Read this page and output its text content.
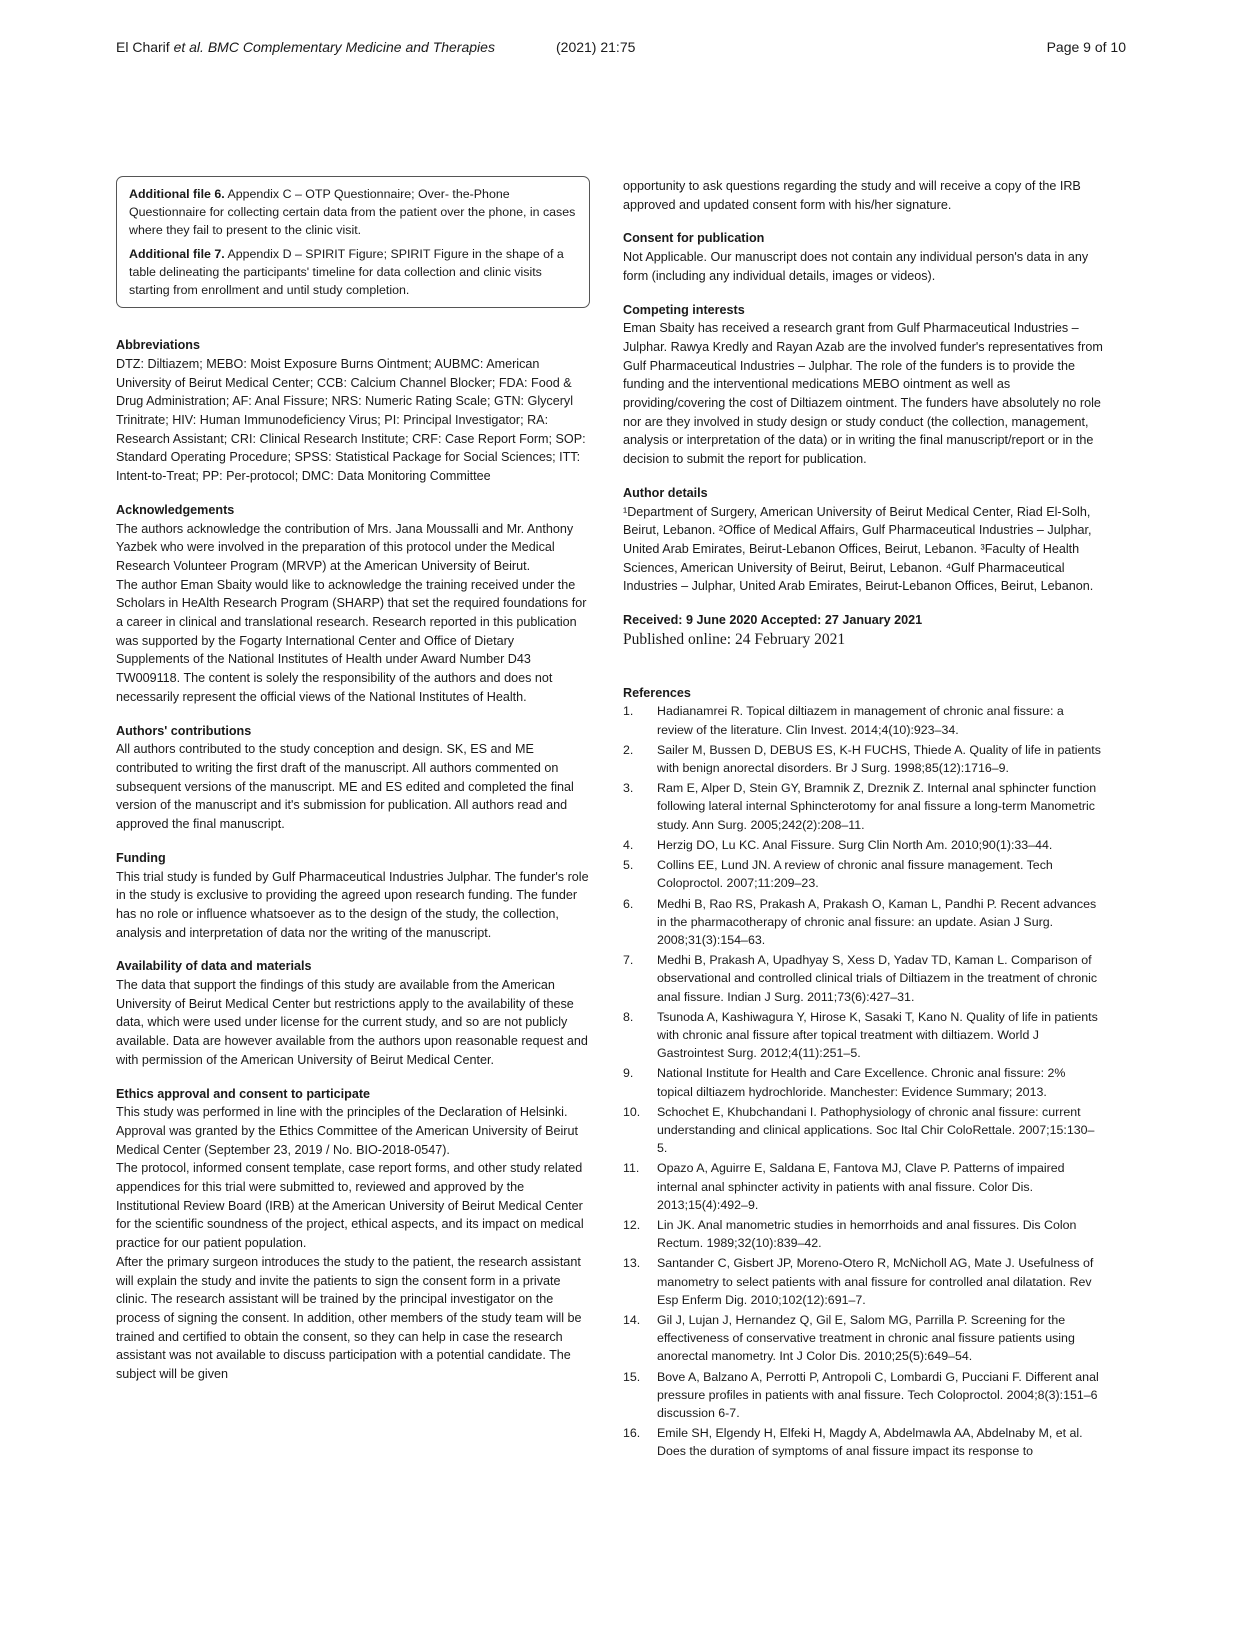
El Charif et al. BMC Complementary Medicine and Therapies	(2021) 21:75	Page 9 of 10

Additional file 6. Appendix C – OTP Questionnaire; Over- the-Phone Questionnaire for collecting certain data from the patient over the phone, in cases where they fail to present to the clinic visit.

Additional file 7. Appendix D – SPIRIT Figure; SPIRIT Figure in the shape of a table delineating the participants' timeline for data collection and clinic visits starting from enrollment and until study completion.

Abbreviations

DTZ: Diltiazem; MEBO: Moist Exposure Burns Ointment; AUBMC: American University of Beirut Medical Center; CCB: Calcium Channel Blocker; FDA: Food & Drug Administration; AF: Anal Fissure; NRS: Numeric Rating Scale; GTN: Glyceryl Trinitrate; HIV: Human Immunodeficiency Virus; PI: Principal Investigator; RA: Research Assistant; CRI: Clinical Research Institute; CRF: Case Report Form; SOP: Standard Operating Procedure; SPSS: Statistical Package for Social Sciences; ITT: Intent-to-Treat; PP: Per-protocol; DMC: Data Monitoring Committee

Acknowledgements

The authors acknowledge the contribution of Mrs. Jana Moussalli and Mr. Anthony Yazbek who were involved in the preparation of this protocol under the Medical Research Volunteer Program (MRVP) at the American University of Beirut.

The author Eman Sbaity would like to acknowledge the training received under the Scholars in HeAlth Research Program (SHARP) that set the required foundations for a career in clinical and translational research. Research reported in this publication was supported by the Fogarty International Center and Office of Dietary Supplements of the National Institutes of Health under Award Number D43 TW009118. The content is solely the responsibility of the authors and does not necessarily represent the official views of the National Institutes of Health.

Authors' contributions

All authors contributed to the study conception and design. SK, ES and ME contributed to writing the first draft of the manuscript. All authors commented on subsequent versions of the manuscript. ME and ES edited and completed the final version of the manuscript and it's submission for publication. All authors read and approved the final manuscript.

Funding

This trial study is funded by Gulf Pharmaceutical Industries Julphar. The funder's role in the study is exclusive to providing the agreed upon research funding. The funder has no role or influence whatsoever as to the design of the study, the collection, analysis and interpretation of data nor the writing of the manuscript.

Availability of data and materials

The data that support the findings of this study are available from the American University of Beirut Medical Center but restrictions apply to the availability of these data, which were used under license for the current study, and so are not publicly available. Data are however available from the authors upon reasonable request and with permission of the American University of Beirut Medical Center.

Ethics approval and consent to participate

This study was performed in line with the principles of the Declaration of Helsinki. Approval was granted by the Ethics Committee of the American University of Beirut Medical Center (September 23, 2019 / No. BIO-2018-0547).

The protocol, informed consent template, case report forms, and other study related appendices for this trial were submitted to, reviewed and approved by the Institutional Review Board (IRB) at the American University of Beirut Medical Center for the scientific soundness of the project, ethical aspects, and its impact on medical practice for our patient population.

After the primary surgeon introduces the study to the patient, the research assistant will explain the study and invite the patients to sign the consent form in a private clinic. The research assistant will be trained by the principal investigator on the process of signing the consent. In addition, other members of the study team will be trained and certified to obtain the consent, so they can help in case the research assistant was not available to discuss participation with a potential candidate. The subject will be given

opportunity to ask questions regarding the study and will receive a copy of the IRB approved and updated consent form with his/her signature.

Consent for publication

Not Applicable. Our manuscript does not contain any individual person's data in any form (including any individual details, images or videos).

Competing interests

Eman Sbaity has received a research grant from Gulf Pharmaceutical Industries – Julphar. Rawya Kredly and Rayan Azab are the involved funder's representatives from Gulf Pharmaceutical Industries – Julphar. The role of the funders is to provide the funding and the interventional medications MEBO ointment as well as providing/covering the cost of Diltiazem ointment. The funders have absolutely no role nor are they involved in study design or study conduct (the collection, management, analysis or interpretation of the data) or in writing the final manuscript/report or in the decision to submit the report for publication.

Author details

¹Department of Surgery, American University of Beirut Medical Center, Riad El-Solh, Beirut, Lebanon. ²Office of Medical Affairs, Gulf Pharmaceutical Industries – Julphar, United Arab Emirates, Beirut-Lebanon Offices, Beirut, Lebanon. ³Faculty of Health Sciences, American University of Beirut, Beirut, Lebanon. ⁴Gulf Pharmaceutical Industries – Julphar, United Arab Emirates, Beirut-Lebanon Offices, Beirut, Lebanon.

Received: 9 June 2020 Accepted: 27 January 2021

Published online: 24 February 2021

References
1. Hadianamrei R. Topical diltiazem in management of chronic anal fissure: a review of the literature. Clin Invest. 2014;4(10):923–34.
2. Sailer M, Bussen D, DEBUS ES, K-H FUCHS, Thiede A. Quality of life in patients with benign anorectal disorders. Br J Surg. 1998;85(12):1716–9.
3. Ram E, Alper D, Stein GY, Bramnik Z, Dreznik Z. Internal anal sphincter function following lateral internal Sphincterotomy for anal fissure a long-term Manometric study. Ann Surg. 2005;242(2):208–11.
4. Herzig DO, Lu KC. Anal Fissure. Surg Clin North Am. 2010;90(1):33–44.
5. Collins EE, Lund JN. A review of chronic anal fissure management. Tech Coloproctol. 2007;11:209–23.
6. Medhi B, Rao RS, Prakash A, Prakash O, Kaman L, Pandhi P. Recent advances in the pharmacotherapy of chronic anal fissure: an update. Asian J Surg. 2008;31(3):154–63.
7. Medhi B, Prakash A, Upadhyay S, Xess D, Yadav TD, Kaman L. Comparison of observational and controlled clinical trials of Diltiazem in the treatment of chronic anal fissure. Indian J Surg. 2011;73(6):427–31.
8. Tsunoda A, Kashiwagura Y, Hirose K, Sasaki T, Kano N. Quality of life in patients with chronic anal fissure after topical treatment with diltiazem. World J Gastrointest Surg. 2012;4(11):251–5.
9. National Institute for Health and Care Excellence. Chronic anal fissure: 2% topical diltiazem hydrochloride. Manchester: Evidence Summary; 2013.
10. Schochet E, Khubchandani I. Pathophysiology of chronic anal fissure: current understanding and clinical applications. Soc Ital Chir ColoRettale. 2007;15:130–5.
11. Opazo A, Aguirre E, Saldana E, Fantova MJ, Clave P. Patterns of impaired internal anal sphincter activity in patients with anal fissure. Color Dis. 2013;15(4):492–9.
12. Lin JK. Anal manometric studies in hemorrhoids and anal fissures. Dis Colon Rectum. 1989;32(10):839–42.
13. Santander C, Gisbert JP, Moreno-Otero R, McNicholl AG, Mate J. Usefulness of manometry to select patients with anal fissure for controlled anal dilatation. Rev Esp Enferm Dig. 2010;102(12):691–7.
14. Gil J, Lujan J, Hernandez Q, Gil E, Salom MG, Parrilla P. Screening for the effectiveness of conservative treatment in chronic anal fissure patients using anorectal manometry. Int J Color Dis. 2010;25(5):649–54.
15. Bove A, Balzano A, Perrotti P, Antropoli C, Lombardi G, Pucciani F. Different anal pressure profiles in patients with anal fissure. Tech Coloproctol. 2004;8(3):151–6 discussion 6-7.
16. Emile SH, Elgendy H, Elfeki H, Magdy A, Abdelmawla AA, Abdelnaby M, et al. Does the duration of symptoms of anal fissure impact its response to
